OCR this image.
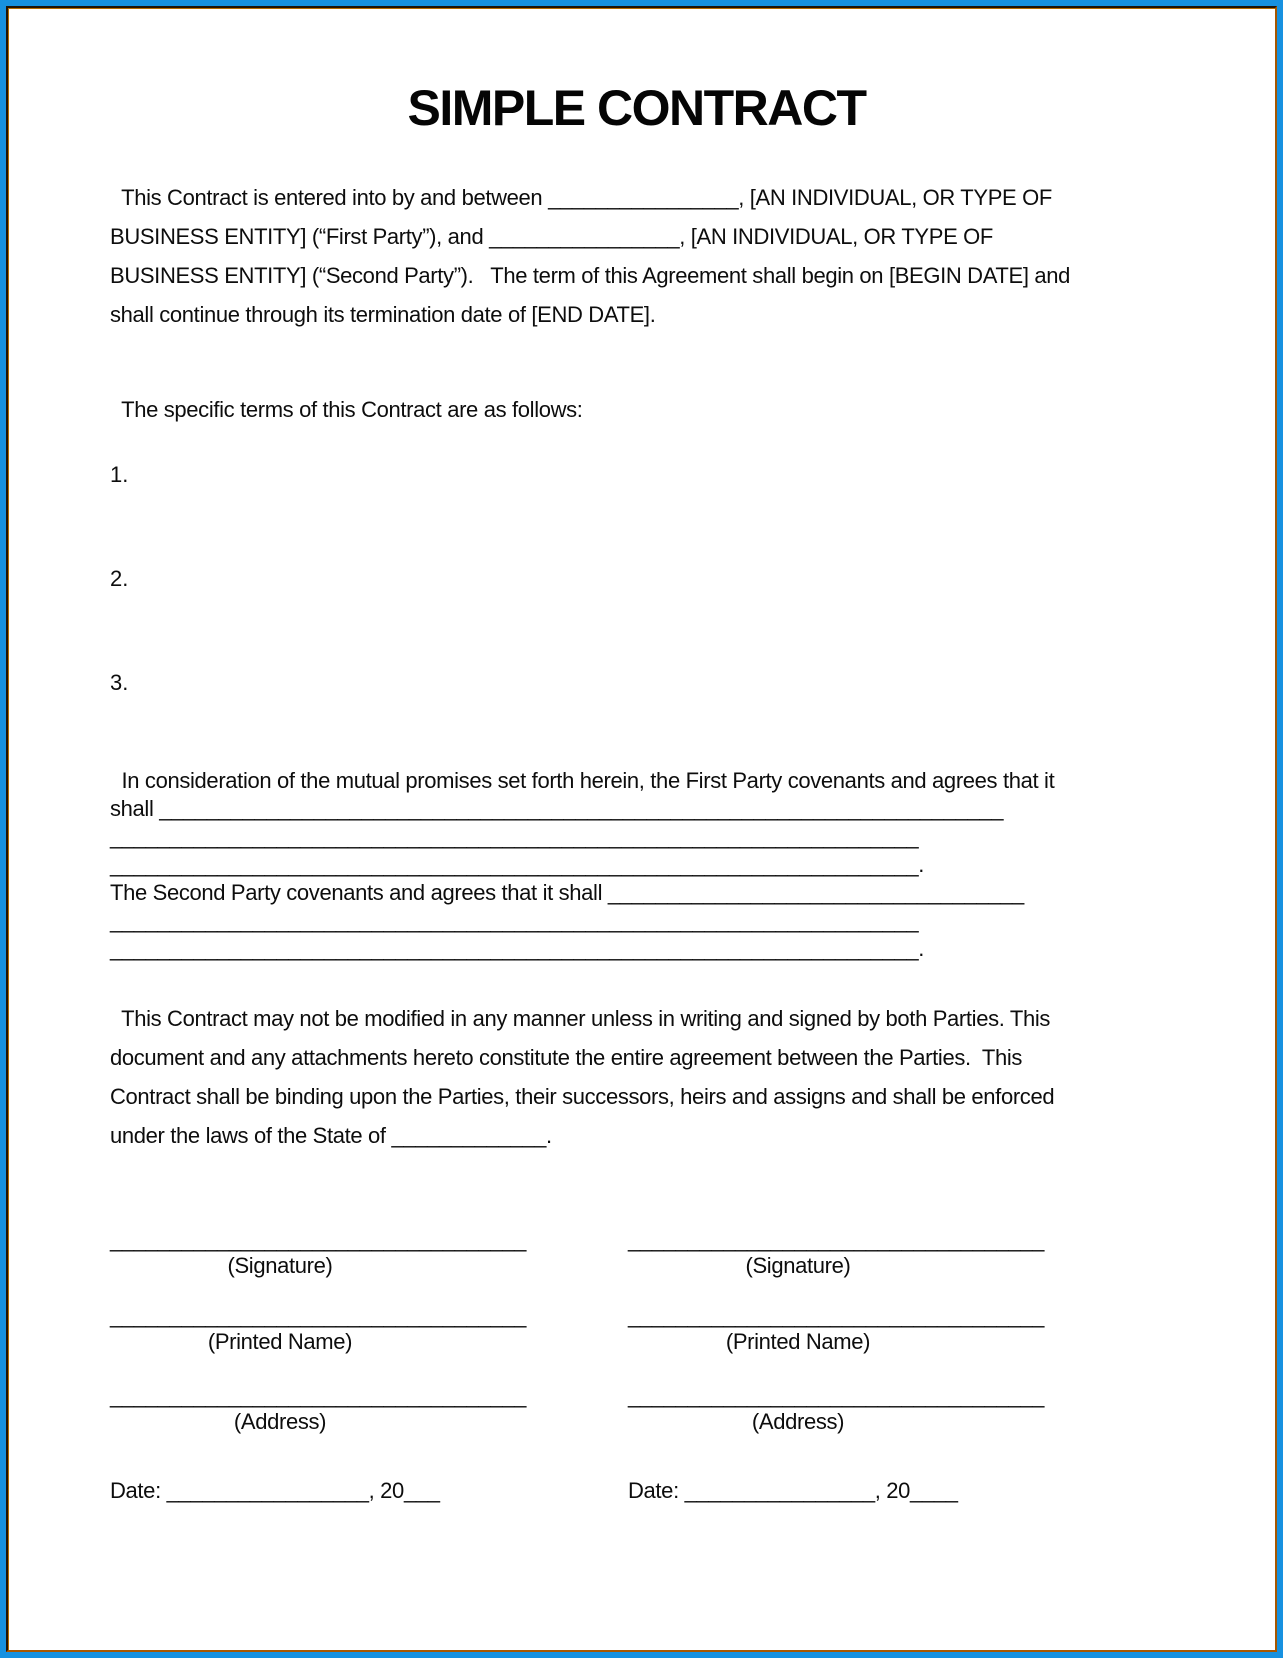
SIMPLE CONTRACT
This Contract is entered into by and between ________________, [AN INDIVIDUAL, OR TYPE OF
BUSINESS ENTITY] (“First Party”), and ________________, [AN INDIVIDUAL, OR TYPE OF
BUSINESS ENTITY] (“Second Party”).   The term of this Agreement shall begin on [BEGIN DATE] and
shall continue through its termination date of [END DATE].
The specific terms of this Contract are as follows:
1.
2.
3.
In consideration of the mutual promises set forth herein, the First Party covenants and agrees that it
shall _______________________________________________________________________
____________________________________________________________________
____________________________________________________________________.
The Second Party covenants and agrees that it shall ___________________________________
____________________________________________________________________
____________________________________________________________________.
This Contract may not be modified in any manner unless in writing and signed by both Parties. This
document and any attachments hereto constitute the entire agreement between the Parties.  This
Contract shall be binding upon the Parties, their successors, heirs and assigns and shall be enforced
under the laws of the State of _____________.
___________________________________
(Signature)
___________________________________
(Printed Name)
___________________________________
(Address)
Date: _________________, 20___
___________________________________
(Signature)
___________________________________
(Printed Name)
___________________________________
(Address)
Date: ________________, 20____
